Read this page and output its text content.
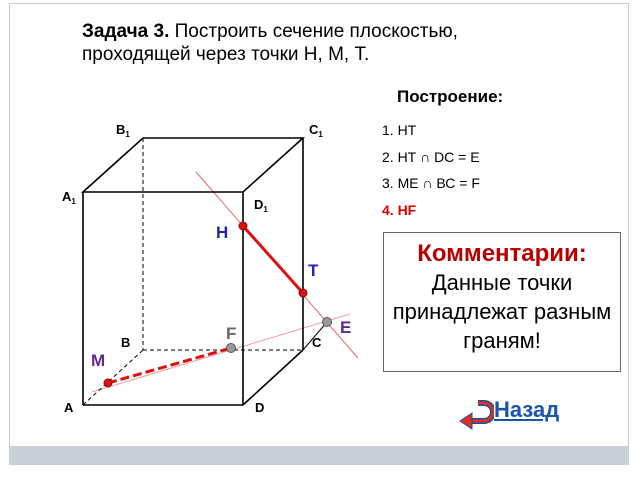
Задача 3. Построить сечение плоскостью, проходящей через точки Н, М, Т.
Построение:
1. НТ
2. НТ ∩ DС = Е
3. МЕ ∩ ВС = F
4. НF
Комментарии:
Данные точки принадлежат разным граням!
Назад
$B_1$	$C_1$
$A_1$	$D_1$
B	C
A	D
H
T
M
F	E
